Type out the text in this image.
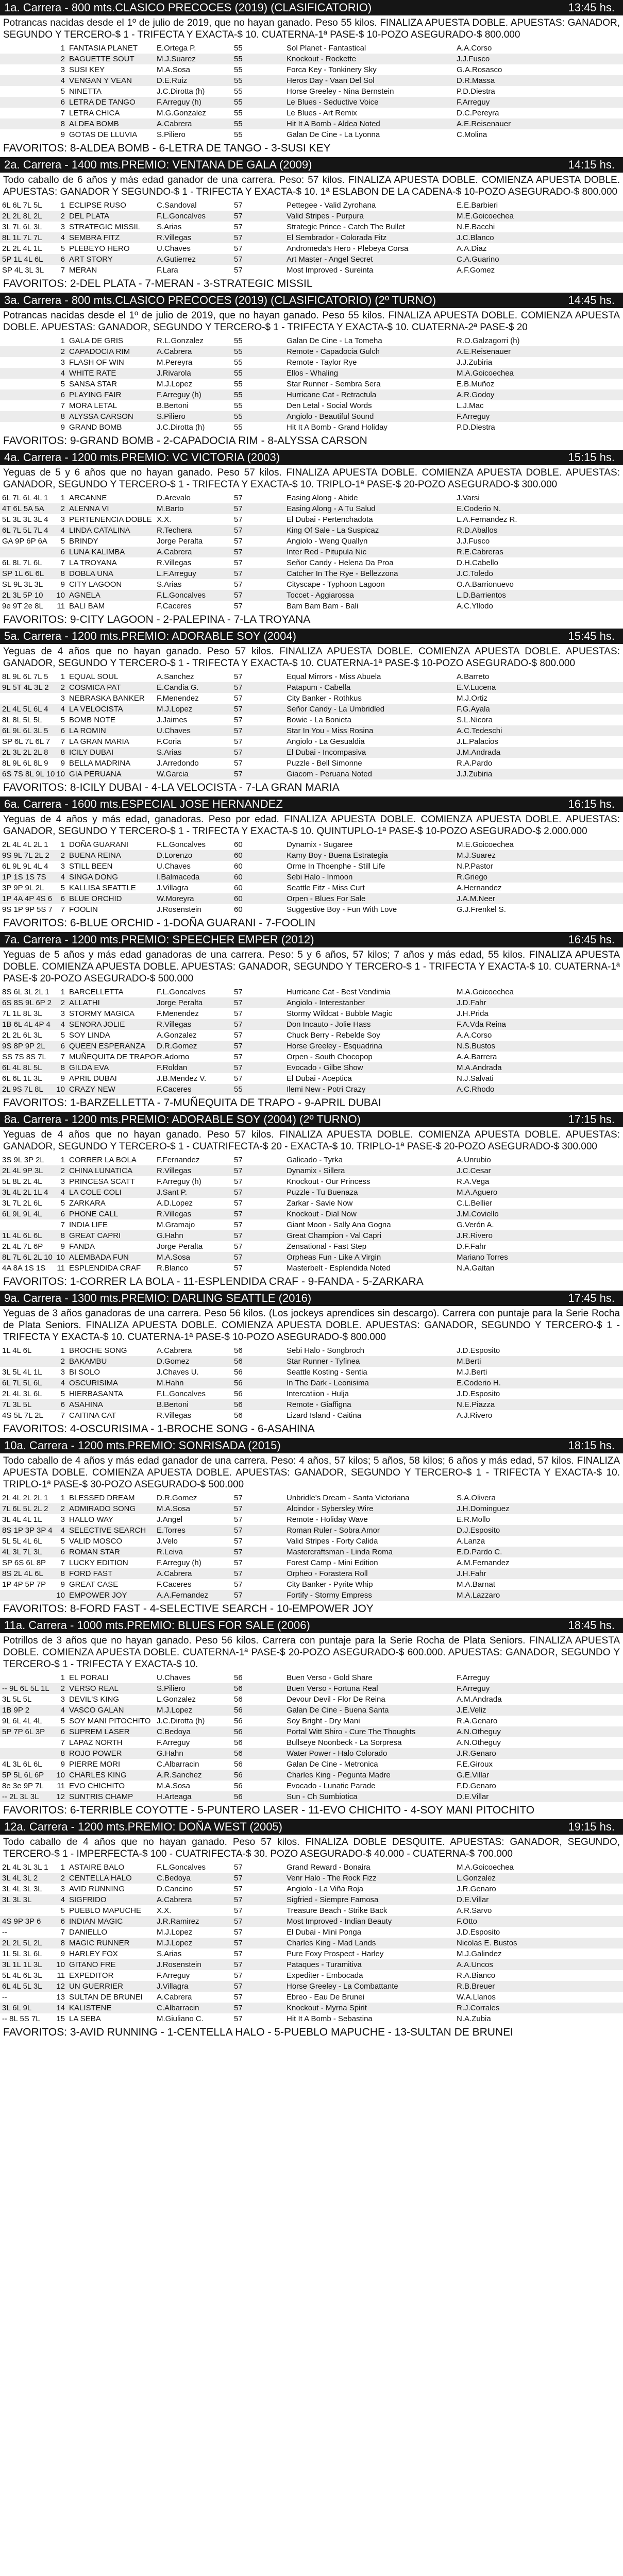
1a. Carrera - 800 mts.CLASICO PRECOCES (2019) (CLASIFICATORIO)	13:45 hs.
Potrancas nacidas desde el 1º de julio de 2019, que no hayan ganado. Peso 55 kilos. FINALIZA APUESTA DOBLE. APUESTAS: GANADOR, SEGUNDO Y TERCERO-$ 1 - TRIFECTA Y EXACTA-$ 10. CUATERNA-1ª PASE-$ 10-POZO ASEGURADO-$ 800.000
	1	FANTASIA PLANET	E.Ortega P.	55		Sol Planet - Fantastical	A.A.Corso	
	2	BAGUETTE SOUT	M.J.Suarez	55		Knockout - Rockette	J.J.Fusco	
	3	SUSI KEY	M.A.Sosa	55		Forca Key - Tonkinery Sky	G.A.Rosasco	
	4	VENGAN Y VEAN	D.E.Ruiz	55		Heros Day - Vaan Del Sol	D.R.Massa	
	5	NINETTA	J.C.Dirotta (h)	55		Horse Greeley - Nina Bernstein	P.D.Diestra	
	6	LETRA DE TANGO	F.Arreguy (h)	55		Le Blues - Seductive Voice	F.Arreguy	
	7	LETRA CHICA	M.G.Gonzalez	55		Le Blues - Art Remix	D.C.Pereyra	
	8	ALDEA BOMB	A.Cabrera	55		Hit It A Bomb - Aldea Noted	A.E.Reisenauer	
	9	GOTAS DE LLUVIA	S.Piliero	55		Galan De Cine - La Lyonna	C.Molina	
FAVORITOS: 8-ALDEA BOMB - 6-LETRA DE TANGO - 3-SUSI KEY
2a. Carrera - 1400 mts.PREMIO: VENTANA DE GALA (2009)	14:15 hs.
Todo caballo de 6 años y más edad ganador de una carrera. Peso: 57 kilos. FINALIZA APUESTA DOBLE. COMIENZA APUESTA DOBLE. APUESTAS: GANADOR Y SEGUNDO-$ 1 - TRIFECTA Y EXACTA-$ 10. 1ª ESLABON DE LA CADENA-$ 10-POZO ASEGURADO-$ 800.000
6L 6L 7L 5L	1	ECLIPSE RUSO	C.Sandoval	57		Pettegee - Valid Zyrohana	E.E.Barbieri	
2L 2L 8L 2L	2	DEL PLATA	F.L.Goncalves	57		Valid Stripes - Purpura	M.E.Goicoechea	
3L 7L 6L 3L	3	STRATEGIC MISSIL	S.Arias	57		Strategic Prince - Catch The Bullet	N.E.Bacchi	
8L 1L 7L 7L	4	SEMBRA FITZ	R.Villegas	57		El Sembrador - Colorada Fitz	J.C.Blanco	
2L 2L 4L 1L	5	PLEBEYO HERO	U.Chaves	57		Andromeda's Hero - Plebeya Corsa	A.A.Diaz	
5P 1L 4L 6L	6	ART STORY	A.Gutierrez	57		Art Master - Angel Secret	C.A.Guarino	
SP 4L 3L 3L	7	MERAN	F.Lara	57		Most Improved - Sureinta	A.F.Gomez	
FAVORITOS: 2-DEL PLATA - 7-MERAN - 3-STRATEGIC MISSIL
3a. Carrera - 800 mts.CLASICO PRECOCES (2019) (CLASIFICATORIO) (2º TURNO)	14:45 hs.
Potrancas nacidas desde el 1º de julio de 2019, que no hayan ganado. Peso 55 kilos. FINALIZA APUESTA DOBLE. COMIENZA APUESTA DOBLE. APUESTAS: GANADOR, SEGUNDO Y TERCERO-$ 1 - TRIFECTA Y EXACTA-$ 10. CUATERNA-2ª PASE-$ 20
	1	GALA DE GRIS	R.L.Gonzalez	55		Galan De Cine - La Tomeha	R.O.Galzagorri (h)	
	2	CAPADOCIA RIM	A.Cabrera	55		Remote - Capadocia Gulch	A.E.Reisenauer	
	3	FLASH OF WIN	M.Pereyra	55		Remote - Taylor Rye	J.J.Zubiria	
	4	WHITE RATE	J.Rivarola	55		Ellos - Whaling	M.A.Goicoechea	
	5	SANSA STAR	M.J.Lopez	55		Star Runner - Sembra Sera	E.B.Muñoz	
	6	PLAYING FAIR	F.Arreguy (h)	55		Hurricane Cat - Retractula	A.R.Godoy	
	7	MORA LETAL	B.Bertoni	55		Den Letal - Social Words	L.J.Mac	
	8	ALYSSA CARSON	S.Piliero	55		Angiolo - Beautiful Sound	F.Arreguy	
	9	GRAND BOMB	J.C.Dirotta (h)	55		Hit It A Bomb - Grand Holiday	P.D.Diestra	
FAVORITOS: 9-GRAND BOMB - 2-CAPADOCIA RIM - 8-ALYSSA CARSON
4a. Carrera - 1200 mts.PREMIO: VC VICTORIA (2003)	15:15 hs.
Yeguas de 5 y 6 años que no hayan ganado. Peso 57 kilos. FINALIZA APUESTA DOBLE. COMIENZA APUESTA DOBLE. APUESTAS: GANADOR, SEGUNDO Y TERCERO-$ 1 - TRIFECTA Y EXACTA-$ 10. TRIPLO-1ª PASE-$ 20-POZO ASEGURADO-$ 300.000
6L 7L 6L 4L 1	1	ARCANNE	D.Arevalo	57		Easing Along - Abide	J.Varsi	
4T 6L 5A 5A	2	ALENNA VI	M.Barto	57		Easing Along - A Tu Salud	E.Coderio N.	
5L 3L 3L 3L 4	3	PERTENENCIA DOBLE	X.X.	57		El Dubai - Pertenchadota	L.A.Fernandez R.	
6L 7L 5L 7L 4	4	LINDA CATALINA	R.Techera	57		King Of Sale - La Suspicaz	R.D.Aballos	
GA 9P 6P 6A	5	BRINDY	Jorge Peralta	57		Angiolo - Weng Quallyn	J.J.Fusco	
	6	LUNA KALIMBA	A.Cabrera	57		Inter Red - Pitupula Nic	R.E.Cabreras	
6L 8L 7L 6L	7	LA TROYANA	R.Villegas	57		Señor Candy - Helena Da Proa	D.H.Cabello	
SP 1L 6L 6L	8	DOBLA UNA	L.F.Arreguy	57		Catcher In The Rye - Bellezzona	J.C.Toledo	
SL 9L 3L 3L	9	CITY LAGOON	S.Arias	57		Cityscape - Typhoon Lagoon	O.A.Barrionuevo	
2L 3L 5P 10	10	AGNELA	F.L.Goncalves	57		Toccet - Aggiarossa	L.D.Barrientos	
9e 9T 2e 8L	11	BALI BAM	F.Caceres	57		Bam Bam Bam - Bali	A.C.Yllodo	
FAVORITOS: 9-CITY LAGOON - 2-PALEPINA - 7-LA TROYANA
5a. Carrera - 1200 mts.PREMIO: ADORABLE SOY (2004)	15:45 hs.
Yeguas de 4 años que no hayan ganado. Peso 57 kilos. FINALIZA APUESTA DOBLE. COMIENZA APUESTA DOBLE. APUESTAS: GANADOR, SEGUNDO Y TERCERO-$ 1 - TRIFECTA Y EXACTA-$ 10. CUATERNA-1ª PASE-$ 10-POZO ASEGURADO-$ 800.000
8L 9L 6L 7L 5	1	EQUAL SOUL	A.Sanchez	57		Equal Mirrors - Miss Abuela	A.Barreto	
9L 5T 4L 3L 2	2	COSMICA PAT	E.Candia G.	57		Patapum - Cabella	E.V.Lucena	
	3	NEBRASKA BANKER	F.Menendez	57		City Banker - Rothkus	M.J.Ortiz	
2L 4L 5L 6L 4	4	LA VELOCISTA	M.J.Lopez	57		Señor Candy - La Umbridled	F.G.Ayala	
8L 8L 5L 5L	5	BOMB NOTE	J.Jaimes	57		Bowie - La Bonieta	S.L.Nicora	
6L 9L 6L 3L 5	6	LA ROMIN	U.Chaves	57		Star In You - Miss Rosina	A.C.Tedeschi	
SP 6L 7L 6L 7	7	LA GRAN MARIA	F.Coria	57		Angiolo - La Gesualdia	J.L.Palacios	
2L 3L 2L 2L 8	8	ICILY DUBAI	S.Arias	57		El Dubai - Incompasiva	J.M.Andrada	
8L 9L 6L 8L 9	9	BELLA MADRINA	J.Arredondo	57		Puzzle - Bell Simonne	R.A.Pardo	
6S 7S 8L 9L 10	10	GIA PERUANA	W.Garcia	57		Giacom - Peruana Noted	J.J.Zubiria	
FAVORITOS: 8-ICILY DUBAI - 4-LA VELOCISTA - 7-LA GRAN MARIA
6a. Carrera - 1600 mts.ESPECIAL JOSE HERNANDEZ	16:15 hs.
Yeguas de 4 años y más edad, ganadoras. Peso por edad. FINALIZA APUESTA DOBLE. COMIENZA APUESTA DOBLE. APUESTAS: GANADOR, SEGUNDO Y TERCERO-$ 1 - TRIFECTA Y EXACTA-$ 10. QUINTUPLO-1ª PASE-$ 10-POZO ASEGURADO-$ 2.000.000
2L 4L 4L 2L 1	1	DOÑA GUARANI	F.L.Goncalves	60		Dynamix - Sugaree	M.E.Goicoechea	
9S 9L 7L 2L 2	2	BUENA REINA	D.Lorenzo	60		Kamy Boy - Buena Estrategia	M.J.Suarez	
6L 9L 9L 4L 4	3	STILL BEEN	U.Chaves	60		Orme In Thoenphe - Still Life	N.P.Pastor	
1P 1S 1S 7S	4	SINGA DONG	I.Balmaceda	60		Sebi Halo - Inmoon	R.Griego	
3P 9P 9L 2L	5	KALLISA SEATTLE	J.Villagra	60		Seattle Fitz - Miss Curt	A.Hernandez	
1P 4A 4P 4S 6	6	BLUE ORCHID	W.Moreyra	60		Orpen - Blues For Sale	J.A.M.Neer	
9S 1P 9P 5S 7	7	FOOLIN	J.Rosenstein	60		Suggestive Boy - Fun With Love	G.J.Frenkel S.	
FAVORITOS: 6-BLUE ORCHID - 1-DOÑA GUARANI - 7-FOOLIN
7a. Carrera - 1200 mts.PREMIO: SPEECHER EMPER (2012)	16:45 hs.
Yeguas de 5 años y más edad ganadoras de una carrera. Peso: 5 y 6 años, 57 kilos; 7 años y más edad, 55 kilos. FINALIZA APUESTA DOBLE. COMIENZA APUESTA DOBLE. APUESTAS: GANADOR, SEGUNDO Y TERCERO-$ 1 - TRIFECTA Y EXACTA-$ 10. CUATERNA-1ª PASE-$ 20-POZO ASEGURADO-$ 500.000
8S 6L 3L 2L 1	1	BARCELLETTA	F.L.Goncalves	57		Hurricane Cat - Best Vendimia	M.A.Goicoechea	
6S 8S 9L 6P 2	2	ALLATHI	Jorge Peralta	57		Angiolo - Interestanber	J.D.Fahr	
7L 1L 8L 3L	3	STORMY MAGICA	F.Menendez	57		Stormy Wildcat - Bubble Magic	J.H.Prida	
1B 6L 4L 4P 4	4	SENORA JOLIE	R.Villegas	57		Don Incauto - Jolie Hass	F.A.Vda Reina	
2L 2L 6L 3L	5	SOY LINDA	A.Gonzalez	57		Chuck Berry - Rebelde Soy	A.A.Corso	
9S 8P 9P 2L	6	QUEEN ESPERANZA	D.R.Gomez	57		Horse Greeley - Esquadrina	N.S.Bustos	
SS 7S 8S 7L	7	MUÑEQUITA DE TRAPO	R.Adorno	57		Orpen - South Chocopop	A.A.Barrera	
6L 4L 8L 5L	8	GILDA EVA	F.Roldan	57		Evocado - Gilbe Show	M.A.Andrada	
6L 6L 1L 3L	9	APRIL DUBAI	J.B.Mendez V.	57		El Dubai - Aceptica	N.J.Salvati	
2L 9S 7L 8L	10	CRAZY NEW	F.Caceres	55		Ilemi New - Potri Crazy	A.C.Rhodo	
FAVORITOS: 1-BARZELLETTA - 7-MUÑEQUITA DE TRAPO - 9-APRIL DUBAI
8a. Carrera - 1200 mts.PREMIO: ADORABLE SOY (2004) (2º TURNO)	17:15 hs.
Yeguas de 4 años que no hayan ganado. Peso 57 kilos. FINALIZA APUESTA DOBLE. COMIENZA APUESTA DOBLE. APUESTAS: GANADOR, SEGUNDO Y TERCERO-$ 1 - CUATRIFECTA-$ 20 - EXACTA-$ 10. TRIPLO-1ª PASE-$ 20-POZO ASEGURADO-$ 300.000
3S 9L 3P 2L	1	CORRER LA BOLA	F.Fernandez	57		Galicado - Tyrka	A.Unrubio	
2L 4L 9P 3L	2	CHINA LUNATICA	R.Villegas	57		Dynamix - Sillera	J.C.Cesar	
5L 8L 2L 4L	3	PRINCESA SCATT	F.Arreguy (h)	57		Knockout - Our Princess	R.A.Vega	
3L 4L 2L 1L 4	4	LA COLE COLI	J.Sant P.	57		Puzzle - Tu Buenaza	M.A.Aguero	
3L 7L 2L 6L	5	ZARKARA	A.D.Lopez	57		Zarkar - Savie Now	C.L.Bellier	
6L 9L 9L 4L	6	PHONE CALL	R.Villegas	57		Knockout - Dial Now	J.M.Coviello	
	7	INDIA LIFE	M.Gramajo	57		Giant Moon - Sally Ana Gogna	G.Verón A.	
1L 4L 6L 6L	8	GREAT CAPRI	G.Hahn	57		Great Champion - Val Capri	J.R.Rivero	
2L 4L 7L 6P	9	FANDA	Jorge Peralta	57		Zensational - Fast Step	D.F.Fahr	
8L 7L 6L 2L 10	10	ALEMBADA FUN	M.A.Sosa	57		Orpheas Fun - Like A Virgin	Mariano Torres	
4A 8A 1S 1S	11	ESPLENDIDA CRAF	R.Blanco	57		Masterbelt - Esplendida Noted	N.A.Gaitan	
FAVORITOS: 1-CORRER LA BOLA - 11-ESPLENDIDA CRAF - 9-FANDA - 5-ZARKARA
9a. Carrera - 1300 mts.PREMIO: DARLING SEATTLE (2016)	17:45 hs.
Yeguas de 3 años ganadoras de una carrera. Peso 56 kilos. (Los jockeys aprendices sin descargo). Carrera con puntaje para la Serie Rocha de Plata Seniors. FINALIZA APUESTA DOBLE. COMIENZA APUESTA DOBLE. APUESTAS: GANADOR, SEGUNDO Y TERCERO-$ 1 - TRIFECTA Y EXACTA-$ 10. CUATERNA-1ª PASE-$ 10-POZO ASEGURADO-$ 800.000
1L 4L 6L	1	BROCHE SONG	A.Cabrera	56		Sebi Halo - Songbroch	J.D.Esposito	
	2	BAKAMBU	D.Gomez	56		Star Runner - Tyfinea	M.Berti	
3L 5L 4L 1L	3	BI SOLO	J.Chaves U.	56		Seattle Kosting - Sentia	M.J.Berti	
6L 7L 5L 6L	4	OSCURISIMA	M.Hahn	56		In The Dark - Leonisima	E.Coderio H.	
2L 4L 3L 6L	5	HIERBASANTA	F.L.Goncalves	56		Intercatiion - Hulja	J.D.Esposito	
7L 3L 5L	6	ASAHINA	B.Bertoni	56		Remote - Giaffigna	N.E.Piazza	
4S 5L 7L 2L	7	CAITINA CAT	R.Villegas	56		Lizard Island - Caitina	A.J.Rivero	
FAVORITOS: 4-OSCURISIMA - 1-BROCHE SONG - 6-ASAHINA
10a. Carrera - 1200 mts.PREMIO: SONRISADA (2015)	18:15 hs.
Todo caballo de 4 años y más edad ganador de una carrera. Peso: 4 años, 57 kilos; 5 años, 58 kilos; 6 años y más edad, 57 kilos. FINALIZA APUESTA DOBLE. COMIENZA APUESTA DOBLE. APUESTAS: GANADOR, SEGUNDO Y TERCERO-$ 1 - TRIFECTA Y EXACTA-$ 10. TRIPLO-1ª PASE-$ 30-POZO ASEGURADO-$ 500.000
2L 4L 2L 2L 1	1	BLESSED DREAM	D.R.Gomez	57		Unbridle's Dream - Santa Victoriana	S.A.Olivera	
7L 6L 5L 2L 2	2	ADMIRADO SONG	M.A.Sosa	57		Alcindor - Sybersley Wire	J.H.Dominguez	
3L 4L 4L 1L	3	HALLO WAY	J.Angel	57		Remote - Holiday Wave	E.R.Mollo	
8S 1P 3P 3P 4	4	SELECTIVE SEARCH	E.Torres	57		Roman Ruler - Sobra Amor	D.J.Esposito	
5L 5L 4L 6L	5	VALID MOSCO	J.Velo	57		Valid Stripes - Forty Calida	A.Lanza	
4L 3L 7L 3L	6	ROMAN STAR	R.Leiva	57		Mastercraftsman - Linda Roma	E.D.Pardo C.	
SP 6S 6L 8P	7	LUCKY EDITION	F.Arreguy (h)	57		Forest Camp - Mini Edition	A.M.Fernandez	
8S 2L 4L 6L	8	FORD FAST	A.Cabrera	57		Orpheo - Forastera Roll	J.H.Fahr	
1P 4P 5P 7P	9	GREAT CASE	F.Caceres	57		City Banker - Pyrite Whip	M.A.Barnat	
	10	EMPOWER JOY	A.A.Fernandez	57		Fortify - Stormy Empress	M.A.Lazzaro	
FAVORITOS: 8-FORD FAST - 4-SELECTIVE SEARCH - 10-EMPOWER JOY
11a. Carrera - 1000 mts.PREMIO: BLUES FOR SALE (2006)	18:45 hs.
Potrillos de 3 años que no hayan ganado. Peso 56 kilos. Carrera con puntaje para la Serie Rocha de Plata Seniors. FINALIZA APUESTA DOBLE. COMIENZA APUESTA DOBLE. CUATERNA-1ª PASE-$ 20-POZO ASEGURADO-$ 600.000. APUESTAS: GANADOR, SEGUNDO Y TERCERO-$ 1 - TRIFECTA Y EXACTA-$ 10.
	1	EL PORALI	U.Chaves	56		Buen Verso - Gold Share	F.Arreguy	
-- 9L 6L 5L 1L	2	VERSO REAL	S.Piliero	56		Buen Verso - Fortuna Real	F.Arreguy	
3L 5L 5L	3	DEVIL'S KING	L.Gonzalez	56		Devour Devil - Flor De Reina	A.M.Andrada	
1B 9P 2	4	VASCO GALAN	M.J.Lopez	56		Galan De Cine - Buena Santa	J.E.Veliz	
9L 6L 4L 4L	5	SOY MANI PITOCHITO	J.C.Dirotta (h)	56		Soy Bright - Dry Mani	R.A.Genaro	
5P 7P 6L 3P	6	SUPREM LASER	C.Bedoya	56		Portal Witt Shiro - Cure The Thoughts	A.N.Otheguy	
	7	LAPAZ NORTH	F.Arreguy	56		Bullseye Noonbeck - La Sorpresa	A.N.Otheguy	
	8	ROJO POWER	G.Hahn	56		Water Power - Halo Colorado	J.R.Genaro	
4L 3L 6L 6L	9	PIERRE MORI	C.Albarracin	56		Galan De Cine - Metronica	F.E.Giroux	
5P 5L 6L 6P	10	CHARLES KING	A.R.Sanchez	56		Charles King - Pegunta Madre	G.E.Villar	
8e 3e 9P 7L	11	EVO CHICHITO	M.A.Sosa	56		Evocado - Lunatic Parade	F.D.Genaro	
-- 2L 3L 3L	12	SUNTRIS CHAMP	H.Arteaga	56		Sun - Ch Sumbiotica	D.E.Villar	
FAVORITOS: 6-TERRIBLE COYOTTE - 5-PUNTERO LASER - 11-EVO CHICHITO - 4-SOY MANI PITOCHITO
12a. Carrera - 1200 mts.PREMIO: DOÑA WEST (2005)	19:15 hs.
Todo caballo de 4 años que no hayan ganado. Peso 57 kilos. FINALIZA DOBLE DESQUITE. APUESTAS: GANADOR, SEGUNDO, TERCERO-$ 1 - IMPERFECTA-$ 100 - CUATRIFECTA-$ 30. POZO ASEGURADO-$ 40.000 - CUATERNA-$ 700.000
2L 4L 3L 3L 1	1	ASTAIRE BALO	F.L.Goncalves	57		Grand Reward - Bonaira	M.A.Goicoechea	
3L 4L 3L 2	2	CENTELLA HALO	C.Bedoya	57		Venr Halo - The Rock Fizz	L.Gonzalez	
3L 4L 3L 3L	3	AVID RUNNING	D.Cancino	57		Angiolo - La Viña Roja	J.R.Genaro	
3L 3L 3L	4	SIGFRIDO	A.Cabrera	57		Sigfried - Siempre Famosa	D.E.Villar	
	5	PUEBLO MAPUCHE	X.X.	57		Treasure Beach - Strike Back	A.R.Sarvo	
4S 9P 3P 6	6	INDIAN MAGIC	J.R.Ramirez	57		Most Improved - Indian Beauty	F.Otto	
--	7	DANIELLO	M.J.Lopez	57		El Dubai - Mini Ponga	J.D.Esposito	
2L 2L 5L 2L	8	MAGIC RUNNER	M.J.Lopez	57		Charles King - Mad Lands	Nicolas E. Bustos	
1L 5L 3L 6L	9	HARLEY FOX	S.Arias	57		Pure Foxy Prospect - Harley	M.J.Galindez	
3L 1L 1L 3L	10	GITANO FRE	J.Rosenstein	57		Pataques - Turamitiva	A.A.Uncos	
5L 4L 6L 3L	11	EXPEDITOR	F.Arreguy	57		Expediter - Embocada	R.A.Bianco	
6L 4L 5L 3L	12	UN GUERRIER	J.Villagra	57		Horse Greeley - La Combattante	R.B.Breuer	
--	13	SULTAN DE BRUNEI	A.Cabrera	57		Ebreo - Eau De Brunei	W.A.Llanos	
3L 6L 9L	14	KALISTENE	C.Albarracin	57		Knockout - Myrna Spirit	R.J.Corrales	
-- 8L 5S 7L	15	LA SEBA	M.Giuliano C.	57		Hit It A Bomb - Sebastina	N.A.Zubia	
FAVORITOS: 3-AVID RUNNING - 1-CENTELLA HALO - 5-PUEBLO MAPUCHE - 13-SULTAN DE BRUNEI
